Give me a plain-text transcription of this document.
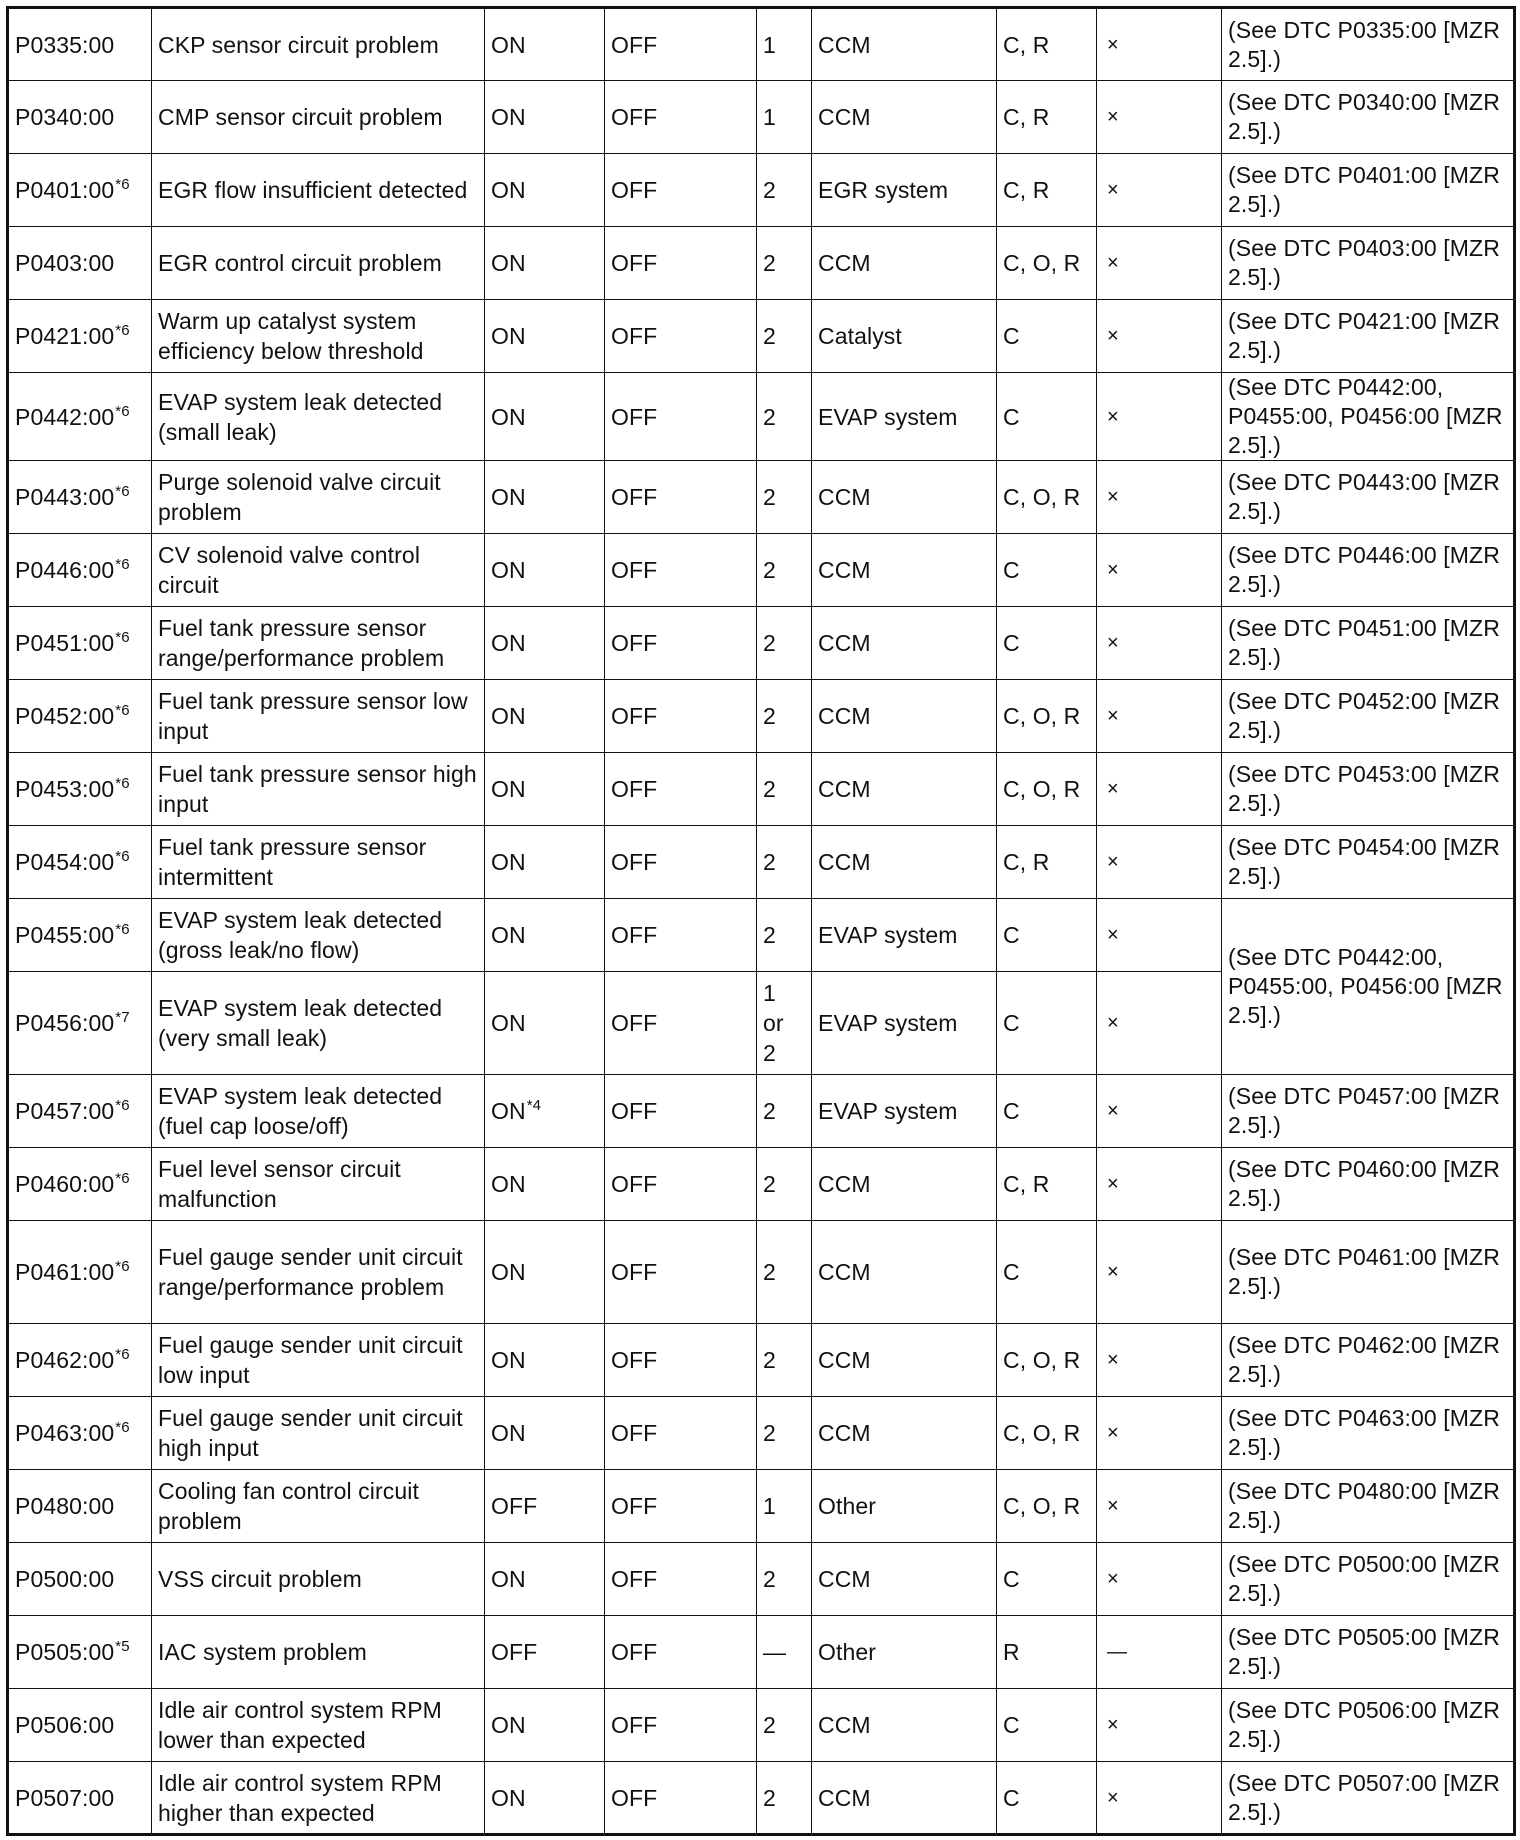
P0335:00	CKP sensor circuit problem	ON	OFF	1	CCM	C, R	×	(See DTC P0335:00 [MZR 2.5].)
P0340:00	CMP sensor circuit problem	ON	OFF	1	CCM	C, R	×	(See DTC P0340:00 [MZR 2.5].)
P0401:00$^{*6}$	EGR flow insufficient detected	ON	OFF	2	EGR system	C, R	×	(See DTC P0401:00 [MZR 2.5].)
P0403:00	EGR control circuit problem	ON	OFF	2	CCM	C, O, R	×	(See DTC P0403:00 [MZR 2.5].)
P0421:00$^{*6}$	Warm up catalyst system efficiency below threshold	ON	OFF	2	Catalyst	C	×	(See DTC P0421:00 [MZR 2.5].)
P0442:00$^{*6}$	EVAP system leak detected (small leak)	ON	OFF	2	EVAP system	C	×	(See DTC P0442:00, P0455:00, P0456:00 [MZR 2.5].)
P0443:00$^{*6}$	Purge solenoid valve circuit problem	ON	OFF	2	CCM	C, O, R	×	(See DTC P0443:00 [MZR 2.5].)
P0446:00$^{*6}$	CV solenoid valve control circuit	ON	OFF	2	CCM	C	×	(See DTC P0446:00 [MZR 2.5].)
P0451:00$^{*6}$	Fuel tank pressure sensor range/performance problem	ON	OFF	2	CCM	C	×	(See DTC P0451:00 [MZR 2.5].)
P0452:00$^{*6}$	Fuel tank pressure sensor low input	ON	OFF	2	CCM	C, O, R	×	(See DTC P0452:00 [MZR 2.5].)
P0453:00$^{*6}$	Fuel tank pressure sensor high input	ON	OFF	2	CCM	C, O, R	×	(See DTC P0453:00 [MZR 2.5].)
P0454:00$^{*6}$	Fuel tank pressure sensor intermittent	ON	OFF	2	CCM	C, R	×	(See DTC P0454:00 [MZR 2.5].)
P0455:00$^{*6}$	EVAP system leak detected (gross leak/no flow)	ON	OFF	2	EVAP system	C	×	(See DTC P0442:00, P0455:00, P0456:00 [MZR 2.5].)
P0456:00$^{*7}$	EVAP system leak detected (very small leak)	ON	OFF	1 or 2	EVAP system	C	×	
P0457:00$^{*6}$	EVAP system leak detected (fuel cap loose/off)	ON$^{*4}$	OFF	2	EVAP system	C	×	(See DTC P0457:00 [MZR 2.5].)
P0460:00$^{*6}$	Fuel level sensor circuit malfunction	ON	OFF	2	CCM	C, R	×	(See DTC P0460:00 [MZR 2.5].)
P0461:00$^{*6}$	Fuel gauge sender unit circuit range/performance problem	ON	OFF	2	CCM	C	×	(See DTC P0461:00 [MZR 2.5].)
P0462:00$^{*6}$	Fuel gauge sender unit circuit low input	ON	OFF	2	CCM	C, O, R	×	(See DTC P0462:00 [MZR 2.5].)
P0463:00$^{*6}$	Fuel gauge sender unit circuit high input	ON	OFF	2	CCM	C, O, R	×	(See DTC P0463:00 [MZR 2.5].)
P0480:00	Cooling fan control circuit problem	OFF	OFF	1	Other	C, O, R	×	(See DTC P0480:00 [MZR 2.5].)
P0500:00	VSS circuit problem	ON	OFF	2	CCM	C	×	(See DTC P0500:00 [MZR 2.5].)
P0505:00$^{*5}$	IAC system problem	OFF	OFF	—	Other	R	—	(See DTC P0505:00 [MZR 2.5].)
P0506:00	Idle air control system RPM lower than expected	ON	OFF	2	CCM	C	×	(See DTC P0506:00 [MZR 2.5].)
P0507:00	Idle air control system RPM higher than expected	ON	OFF	2	CCM	C	×	(See DTC P0507:00 [MZR 2.5].)
